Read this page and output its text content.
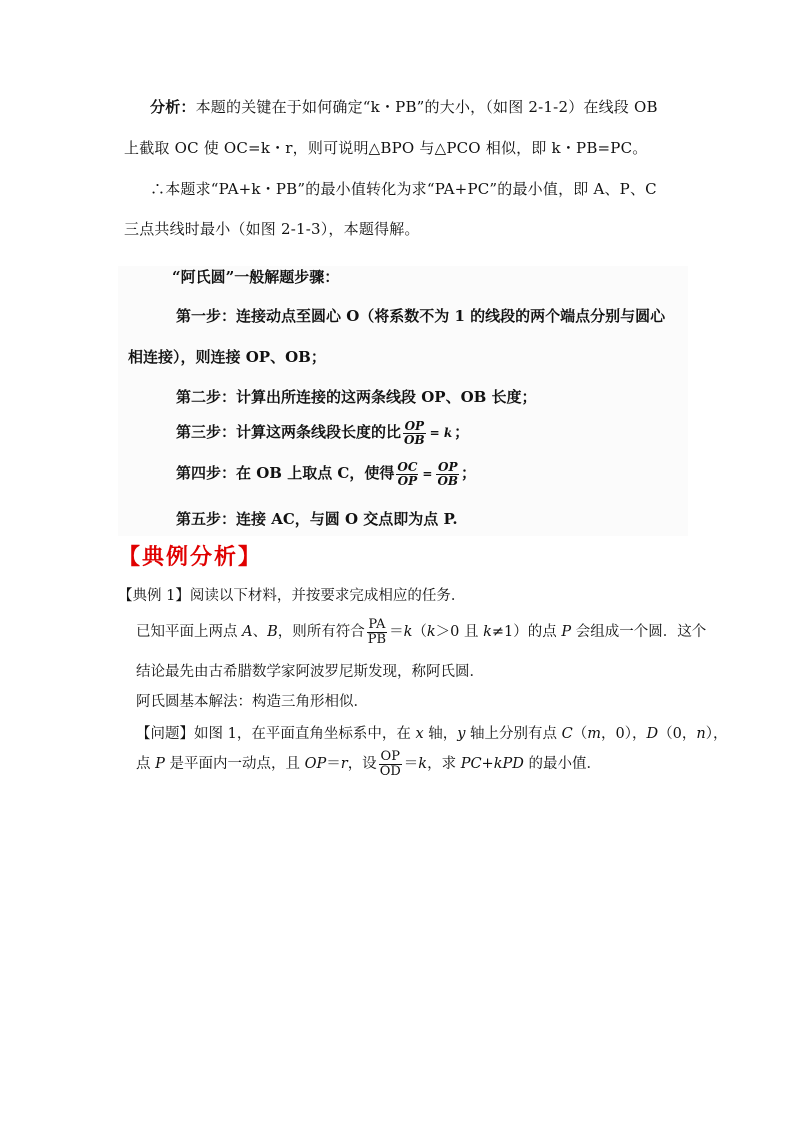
分析：本题的关键在于如何确定“k・PB”的大小，（如图 2-1-2）在线段 OB
上截取 OC 使 OC=k・r，则可说明△BPO 与△PCO 相似，即 k・PB=PC。
∴本题求“PA+k・PB”的最小值转化为求“PA+PC”的最小值，即 A、P、C
三点共线时最小（如图 2-1-3），本题得解。
“阿氏圆”一般解题步骤：
第一步：连接动点至圆心 O（将系数不为 1 的线段的两个端点分别与圆心
相连接），则连接 OP、OB；
第二步：计算出所连接的这两条线段 OP、OB 长度；
第三步：计算这两条线段长度的比 $\frac{OP}{OB} = k$ ；
第四步：在 OB 上取点 C，使得 $\frac{OC}{OP} = \frac{OP}{OB}$ ；
第五步：连接 AC，与圆 O 交点即为点 P.
【典例分析】
【典例 1】阅读以下材料，并按要求完成相应的任务．
已知平面上两点 A、B，则所有符合 $\frac{PA}{PB} =k(k>0$ 且 k≠1）的点 P 会组成一个圆．这个
结论最先由古希腊数学家阿波罗尼斯发现，称阿氏圆．
阿氏圆基本解法：构造三角形相似．
【问题】如图 1，在平面直角坐标系中，在 x 轴，y 轴上分别有点 C（m，0），D（0，n），
点 P 是平面内一动点，且 OP＝r，设 $\frac{OP}{OD} =k$，求 PC+kPD 的最小值．
